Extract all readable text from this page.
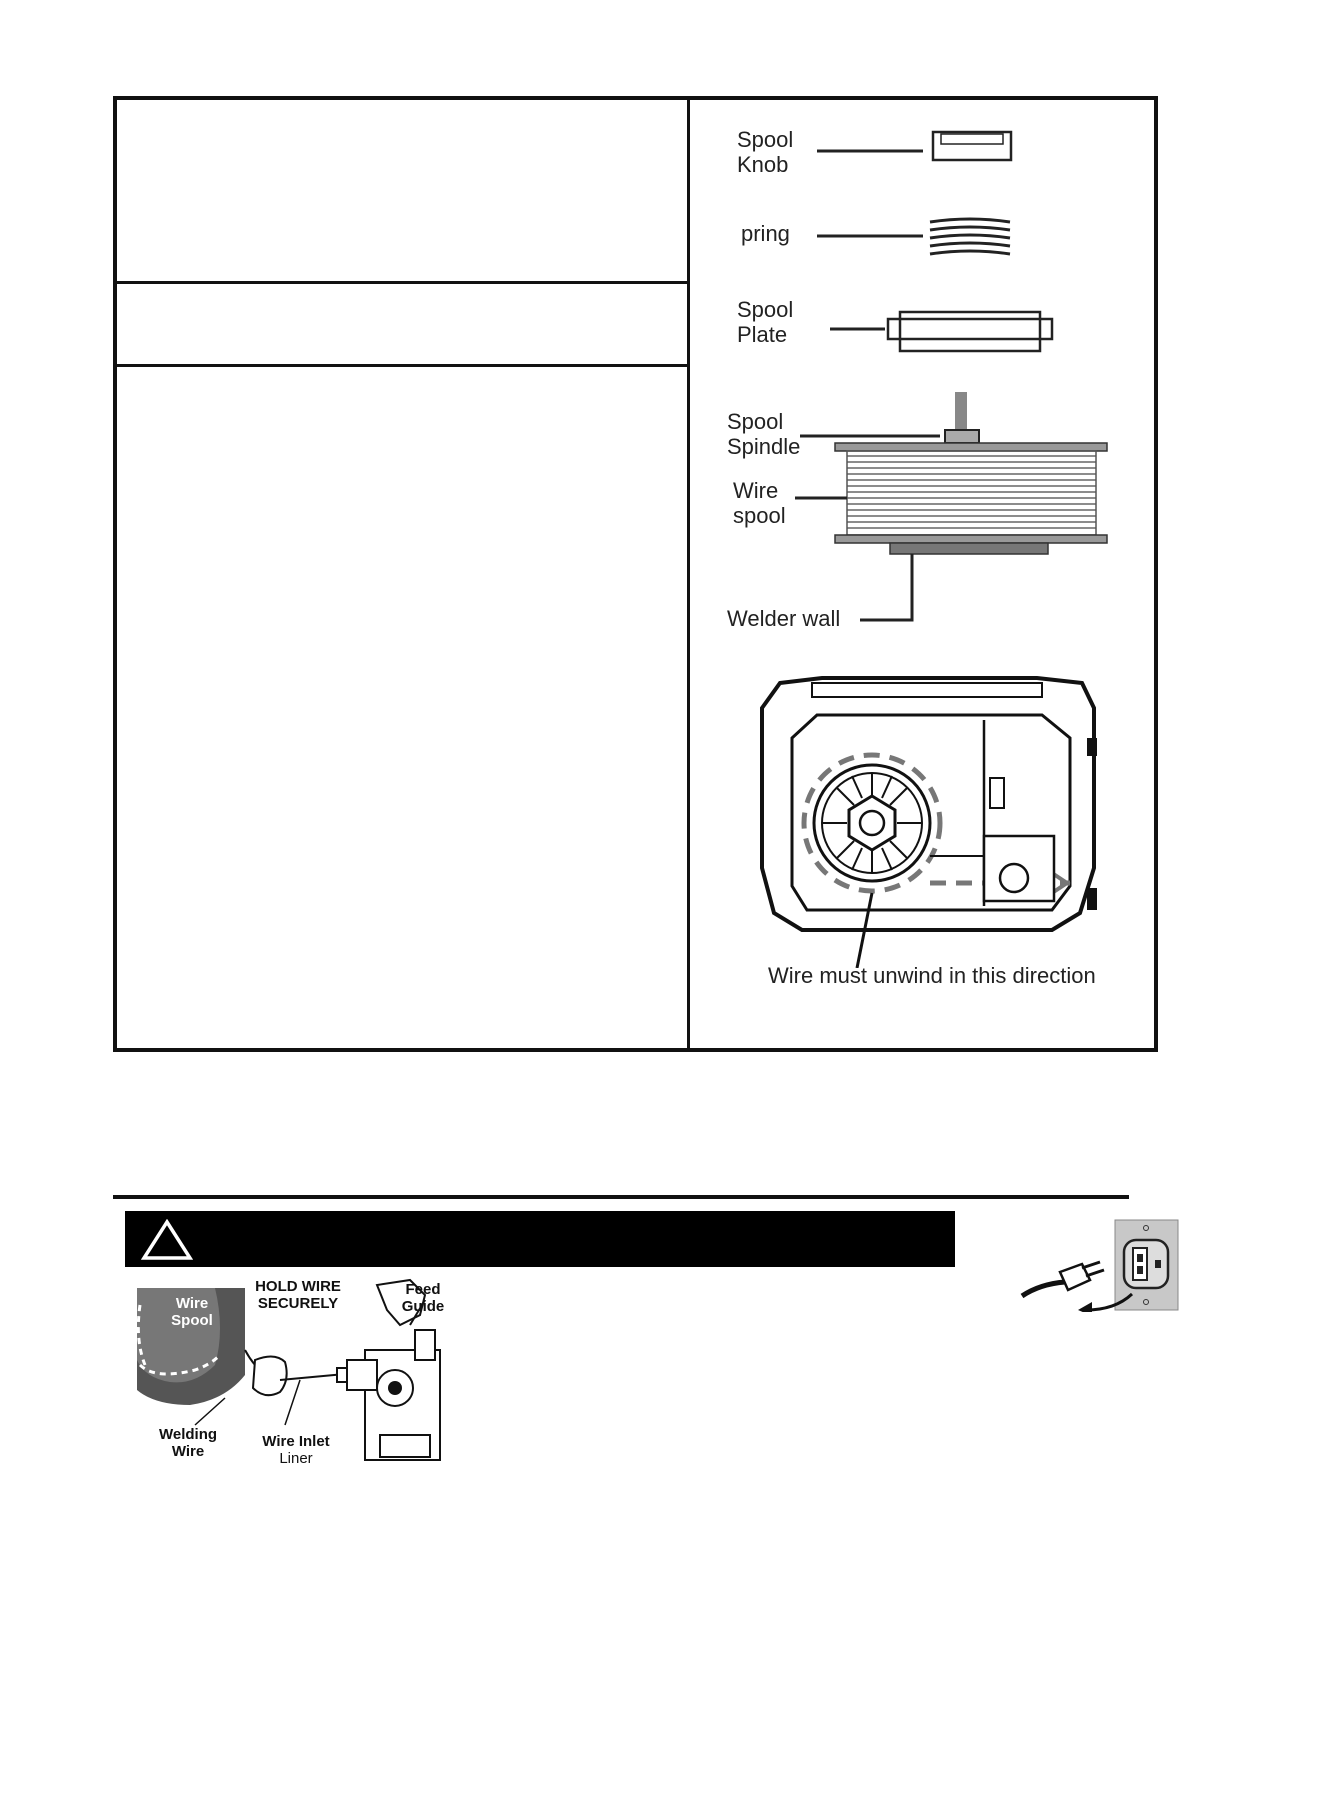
Spool
Knob
pring
Spool
Plate
Spool
Spindle
Wire
spool
Welder wall
Wire must unwind in this direction
Wire
Spool
HOLD WIRE
SECURELY
Feed
Guide
Welding
Wire
Wire Inlet
Liner
